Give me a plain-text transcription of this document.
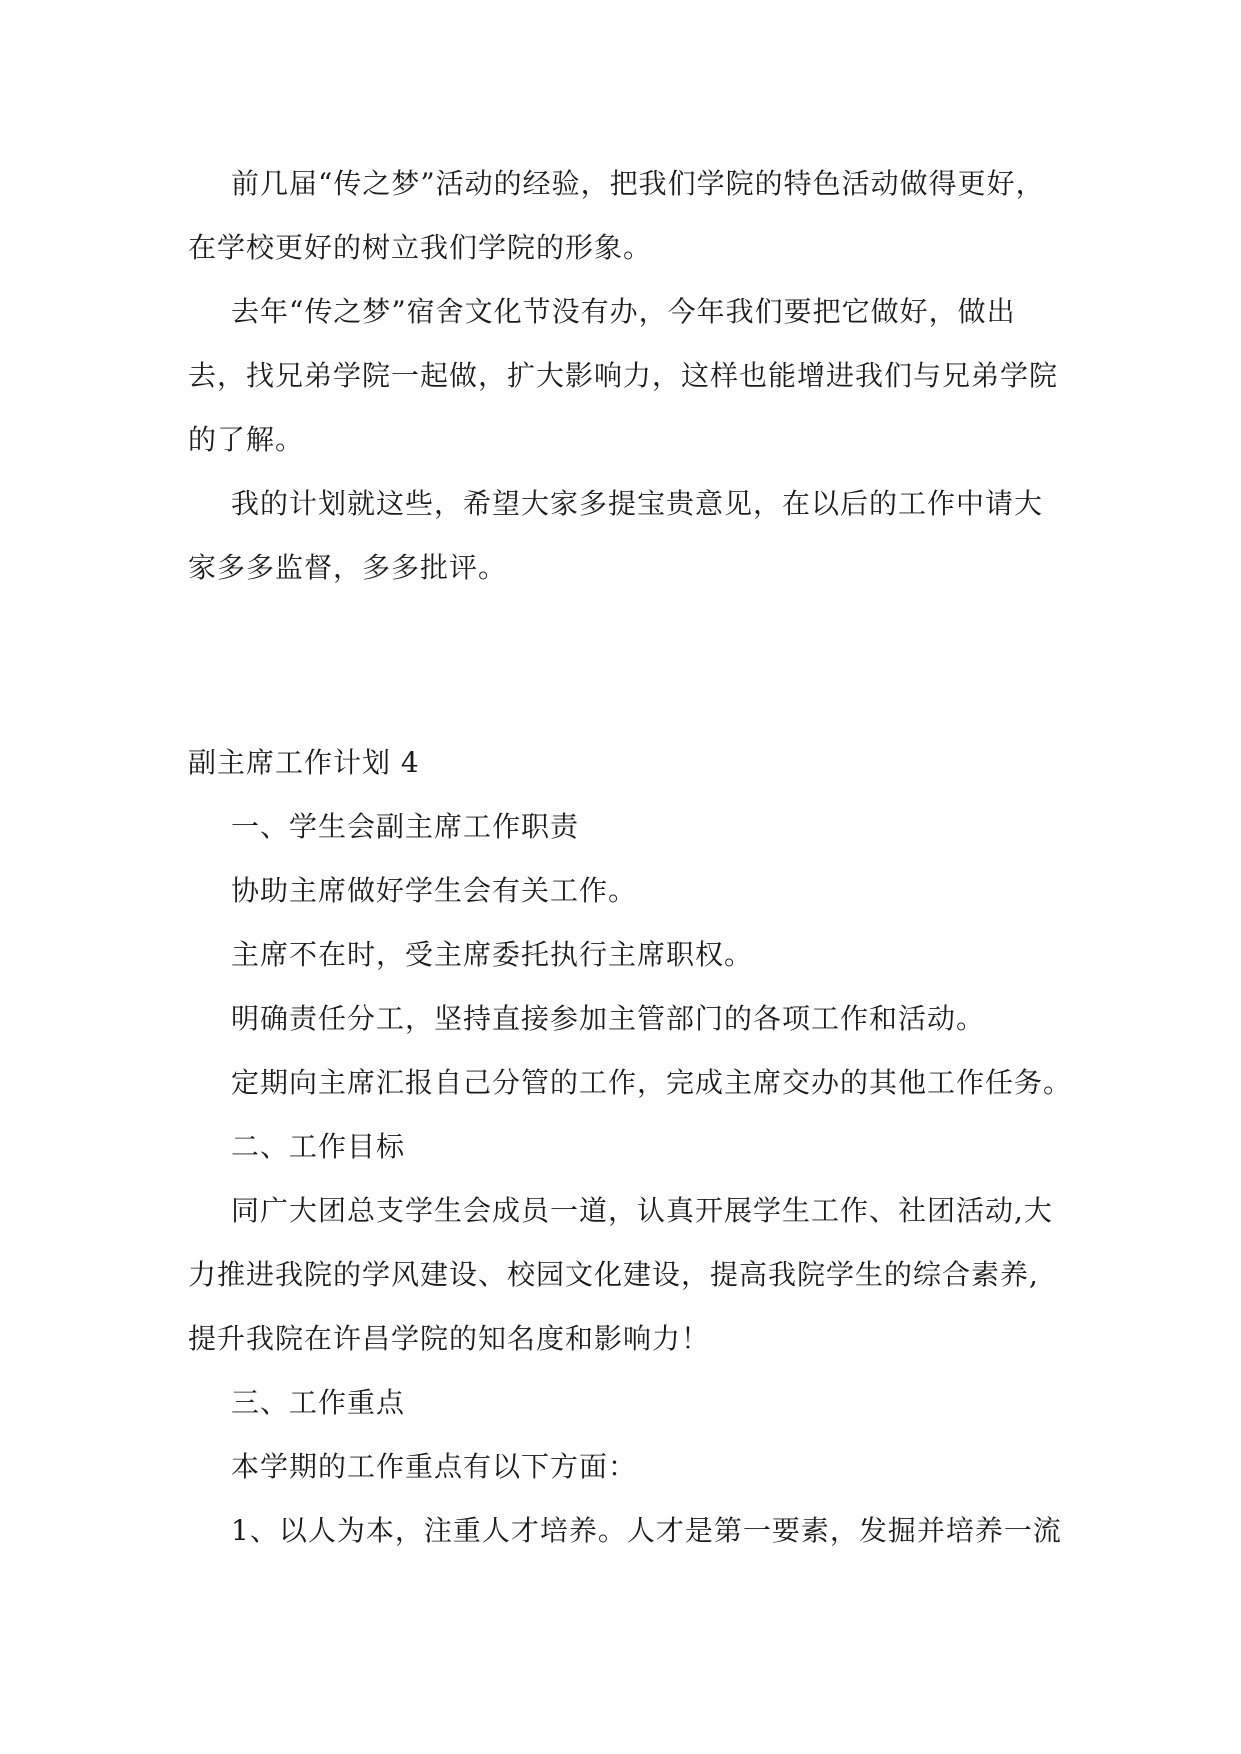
前几届“传之梦”活动的经验，把我们学院的特色活动做得更好，

在学校更好的树立我们学院的形象。

去年“传之梦”宿舍文化节没有办，今年我们要把它做好，做出

去，找兄弟学院一起做，扩大影响力，这样也能增进我们与兄弟学院

的了解。

我的计划就这些，希望大家多提宝贵意见，在以后的工作中请大

家多多监督，多多批评。

副主席工作计划 4

一、学生会副主席工作职责

协助主席做好学生会有关工作。

主席不在时，受主席委托执行主席职权。

明确责任分工，坚持直接参加主管部门的各项工作和活动。

定期向主席汇报自己分管的工作，完成主席交办的其他工作任务。

二、工作目标

同广大团总支学生会成员一道，认真开展学生工作、社团活动,大

力推进我院的学风建设、校园文化建设，提高我院学生的综合素养,

提升我院在许昌学院的知名度和影响力！

三、工作重点

本学期的工作重点有以下方面：

1、以人为本，注重人才培养。人才是第一要素，发掘并培养一流
